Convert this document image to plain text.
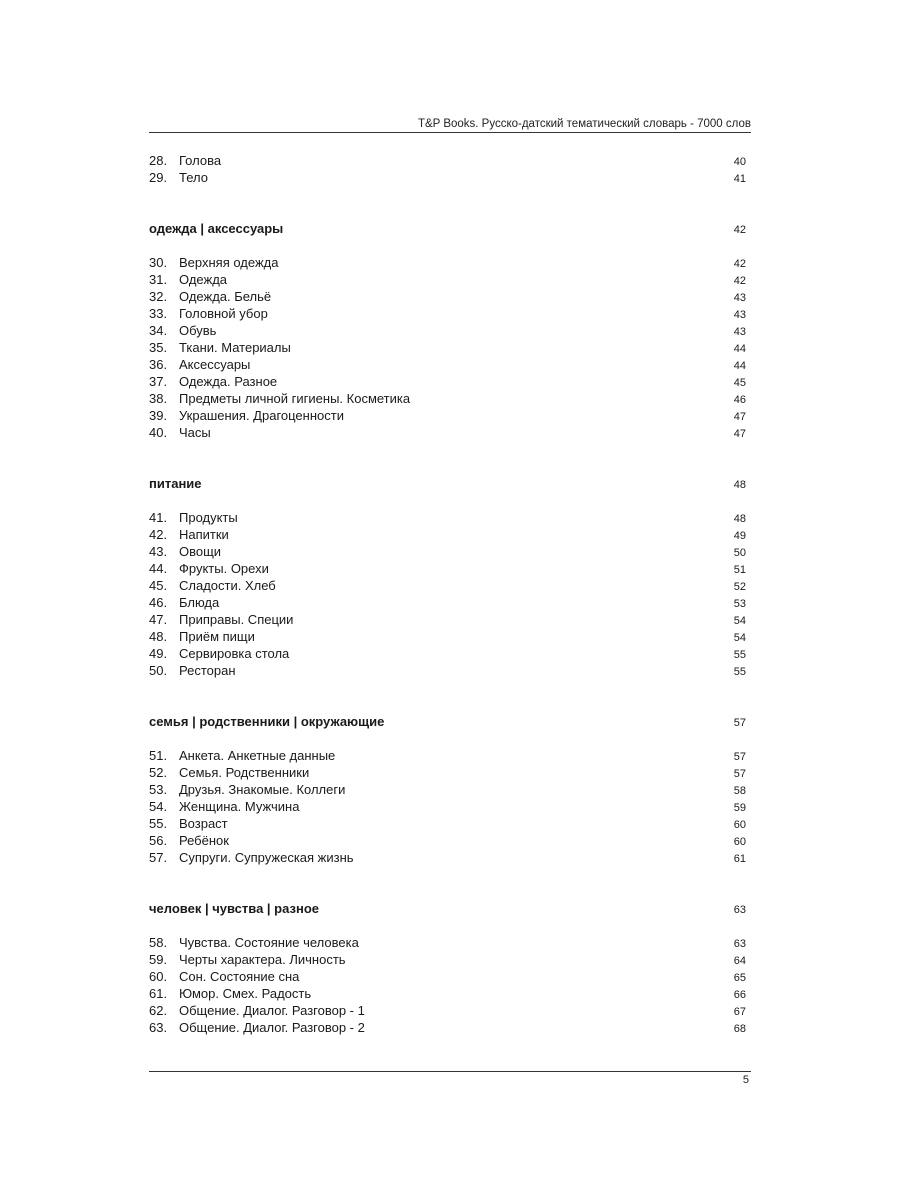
T&P Books. Русско-датский тематический словарь - 7000 слов
28. Голова	40
29. Тело	41
одежда | аксессуары	42
30. Верхняя одежда	42
31. Одежда	42
32. Одежда. Бельё	43
33. Головной убор	43
34. Обувь	43
35. Ткани. Материалы	44
36. Аксессуары	44
37. Одежда. Разное	45
38. Предметы личной гигиены. Косметика	46
39. Украшения. Драгоценности	47
40. Часы	47
питание	48
41. Продукты	48
42. Напитки	49
43. Овощи	50
44. Фрукты. Орехи	51
45. Сладости. Хлеб	52
46. Блюда	53
47. Приправы. Специи	54
48. Приём пищи	54
49. Сервировка стола	55
50. Ресторан	55
семья | родственники | окружающие	57
51. Анкета. Анкетные данные	57
52. Семья. Родственники	57
53. Друзья. Знакомые. Коллеги	58
54. Женщина. Мужчина	59
55. Возраст	60
56. Ребёнок	60
57. Супруги. Супружеская жизнь	61
человек | чувства | разное	63
58. Чувства. Состояние человека	63
59. Черты характера. Личность	64
60. Сон. Состояние сна	65
61. Юмор. Смех. Радость	66
62. Общение. Диалог. Разговор - 1	67
63. Общение. Диалог. Разговор - 2	68
5
